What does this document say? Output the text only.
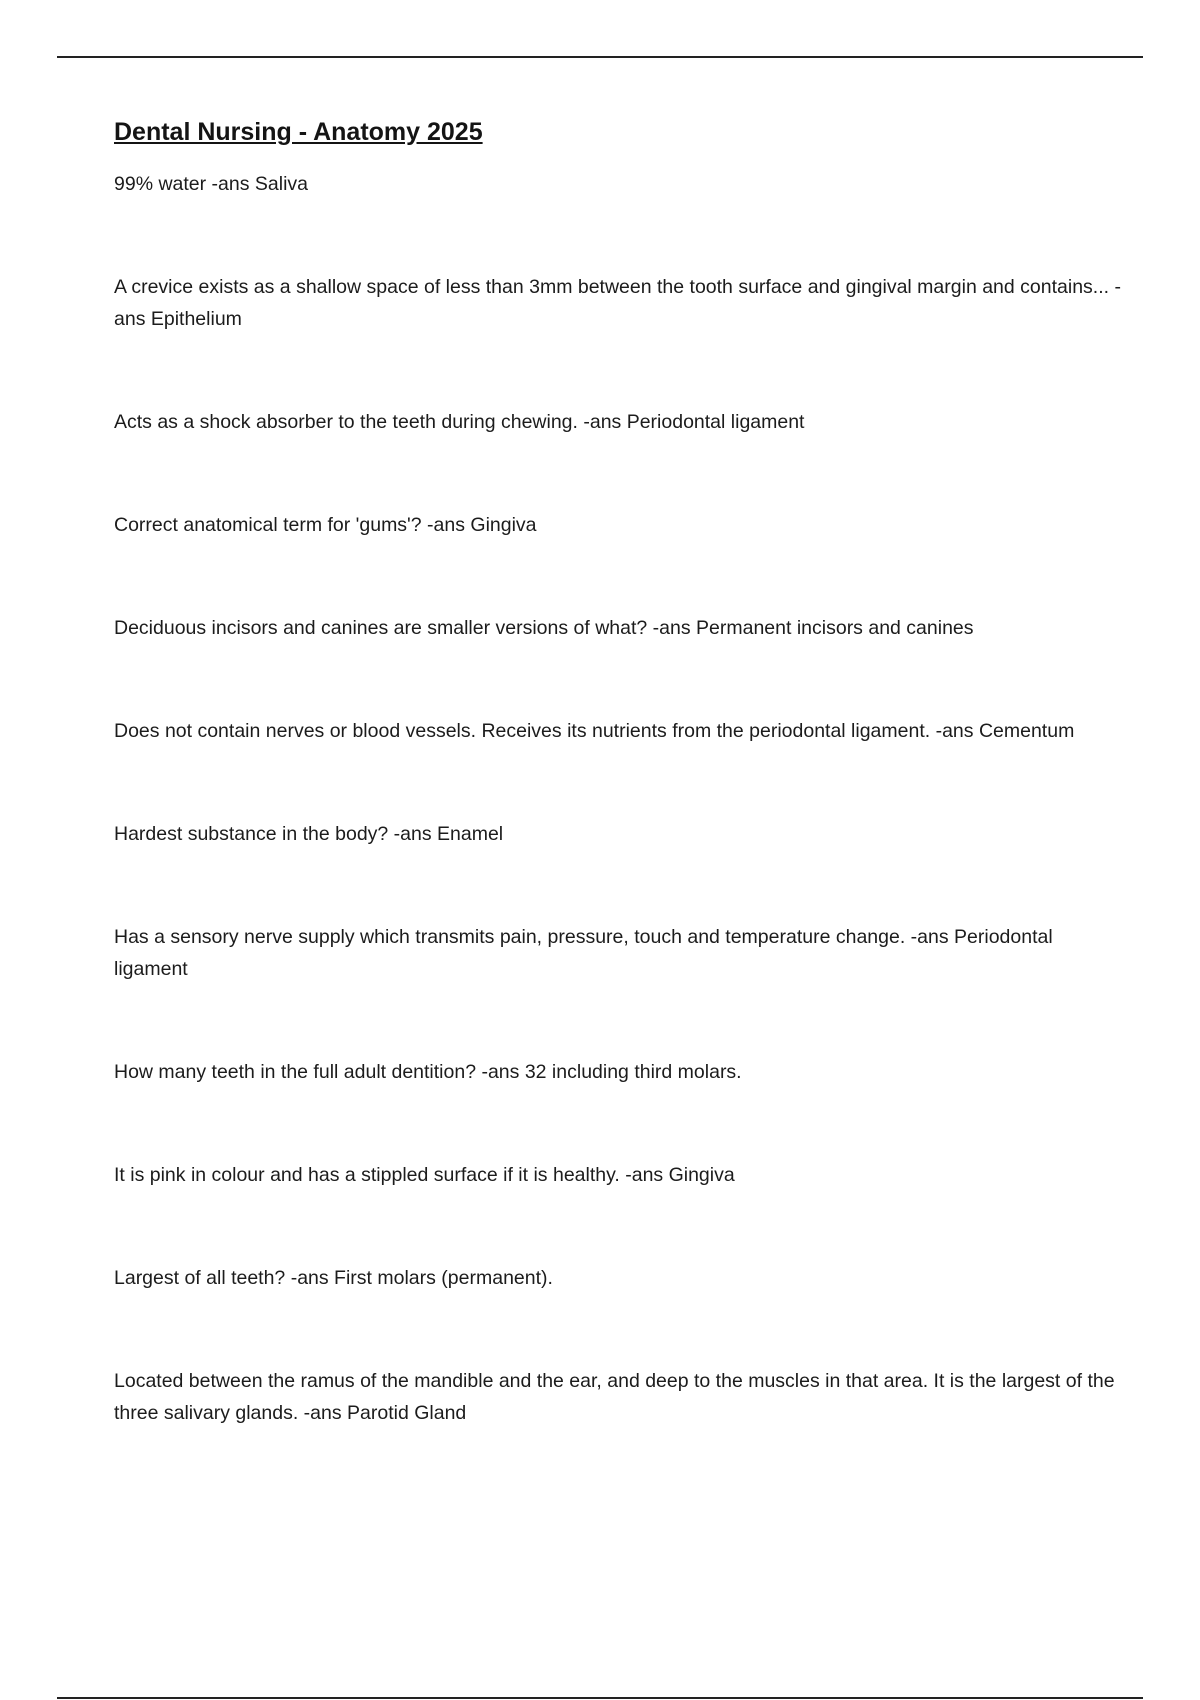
Dental Nursing - Anatomy 2025
99% water -ans Saliva
A crevice exists as a shallow space of less than 3mm between the tooth surface and gingival margin and contains... -ans Epithelium
Acts as a shock absorber to the teeth during chewing. -ans Periodontal ligament
Correct anatomical term for 'gums'? -ans Gingiva
Deciduous incisors and canines are smaller versions of what? -ans Permanent incisors and canines
Does not contain nerves or blood vessels. Receives its nutrients from the periodontal ligament. -ans Cementum
Hardest substance in the body? -ans Enamel
Has a sensory nerve supply which transmits pain, pressure, touch and temperature change. -ans Periodontal ligament
How many teeth in the full adult dentition? -ans 32 including third molars.
It is pink in colour and has a stippled surface if it is healthy. -ans Gingiva
Largest of all teeth? -ans First molars (permanent).
Located between the ramus of the mandible and the ear, and deep to the muscles in that area. It is the largest of the three salivary glands. -ans Parotid Gland
